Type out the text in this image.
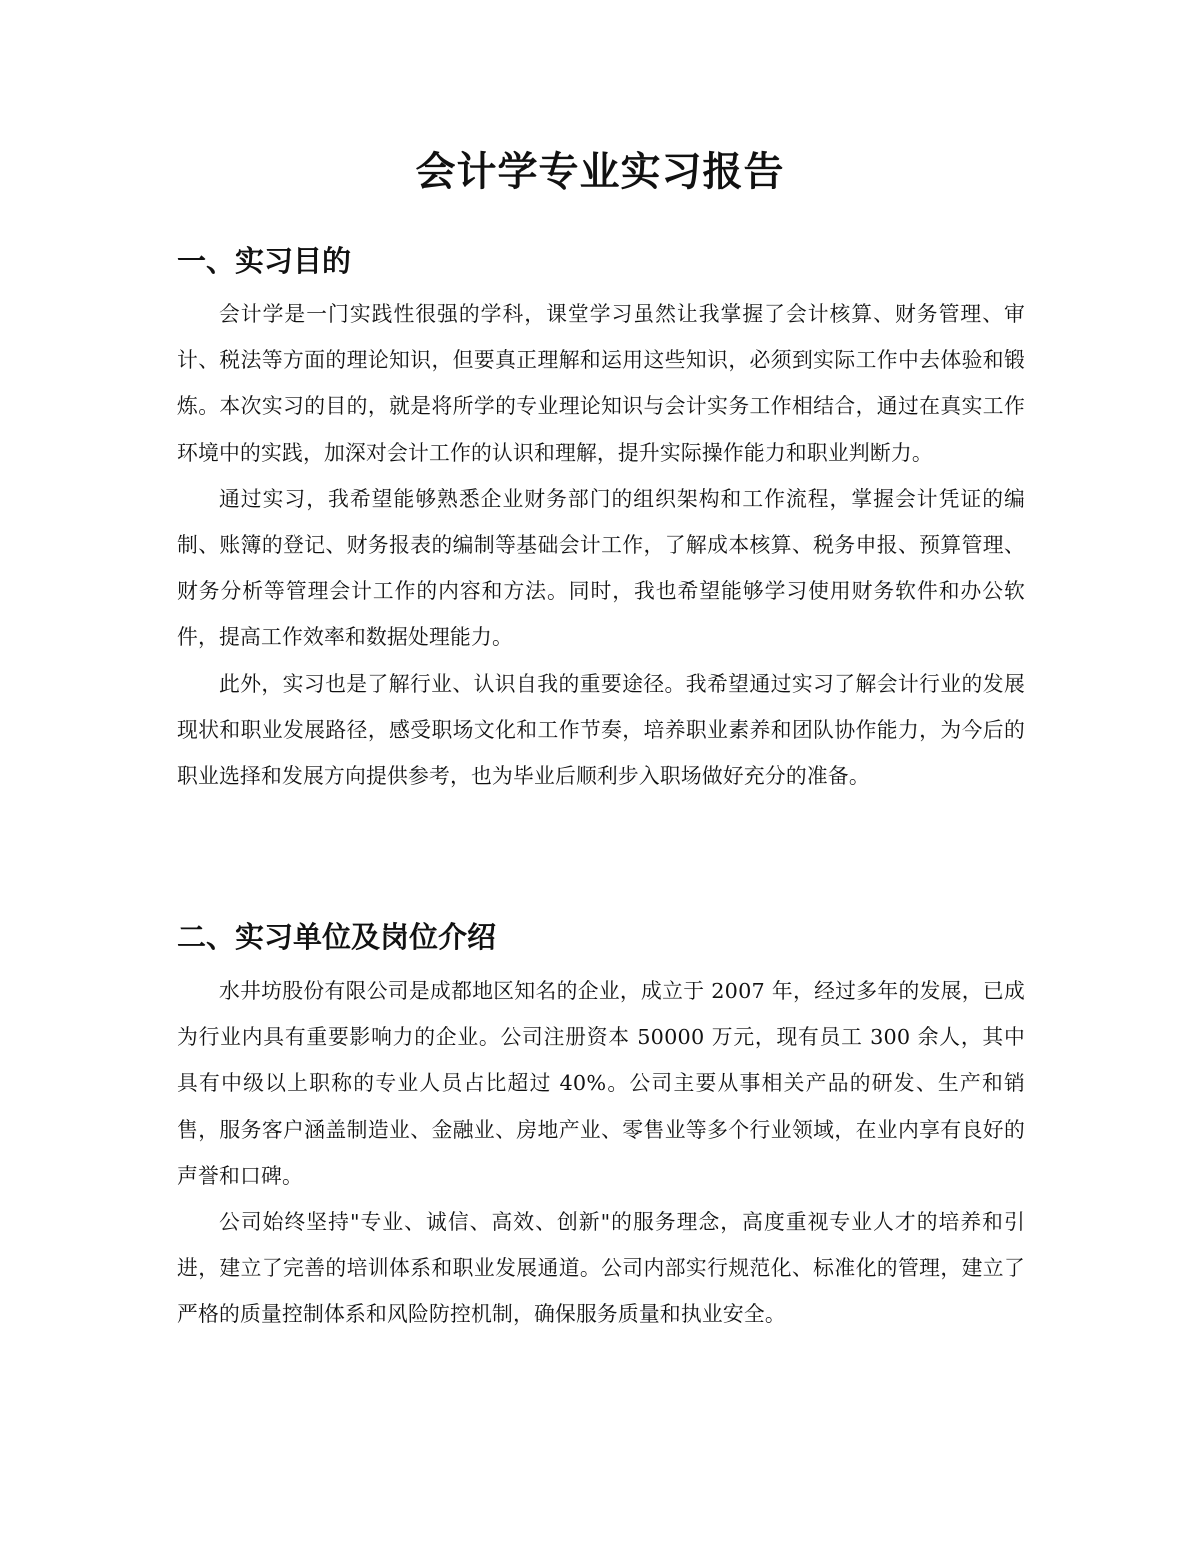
会计学专业实习报告
一、实习目的

会计学是一门实践性很强的学科，课堂学习虽然让我掌握了会计核算、财务管理、审计、税法等方面的理论知识，但要真正理解和运用这些知识，必须到实际工作中去体验和锻炼。本次实习的目的，就是将所学的专业理论知识与会计实务工作相结合，通过在真实工作环境中的实践，加深对会计工作的认识和理解，提升实际操作能力和职业判断力。

通过实习，我希望能够熟悉企业财务部门的组织架构和工作流程，掌握会计凭证的编制、账簿的登记、财务报表的编制等基础会计工作，了解成本核算、税务申报、预算管理、财务分析等管理会计工作的内容和方法。同时，我也希望能够学习使用财务软件和办公软件，提高工作效率和数据处理能力。

此外，实习也是了解行业、认识自我的重要途径。我希望通过实习了解会计行业的发展现状和职业发展路径，感受职场文化和工作节奏，培养职业素养和团队协作能力，为今后的职业选择和发展方向提供参考，也为毕业后顺利步入职场做好充分的准备。

二、实习单位及岗位介绍

水井坊股份有限公司是成都地区知名的企业，成立于 2007 年，经过多年的发展，已成为行业内具有重要影响力的企业。公司注册资本 50000 万元，现有员工 300 余人，其中具有中级以上职称的专业人员占比超过 40%。公司主要从事相关产品的研发、生产和销售，服务客户涵盖制造业、金融业、房地产业、零售业等多个行业领域，在业内享有良好的声誉和口碑。

公司始终坚持"专业、诚信、高效、创新"的服务理念，高度重视专业人才的培养和引进，建立了完善的培训体系和职业发展通道。公司内部实行规范化、标准化的管理，建立了严格的质量控制体系和风险防控机制，确保服务质量和执业安全。
